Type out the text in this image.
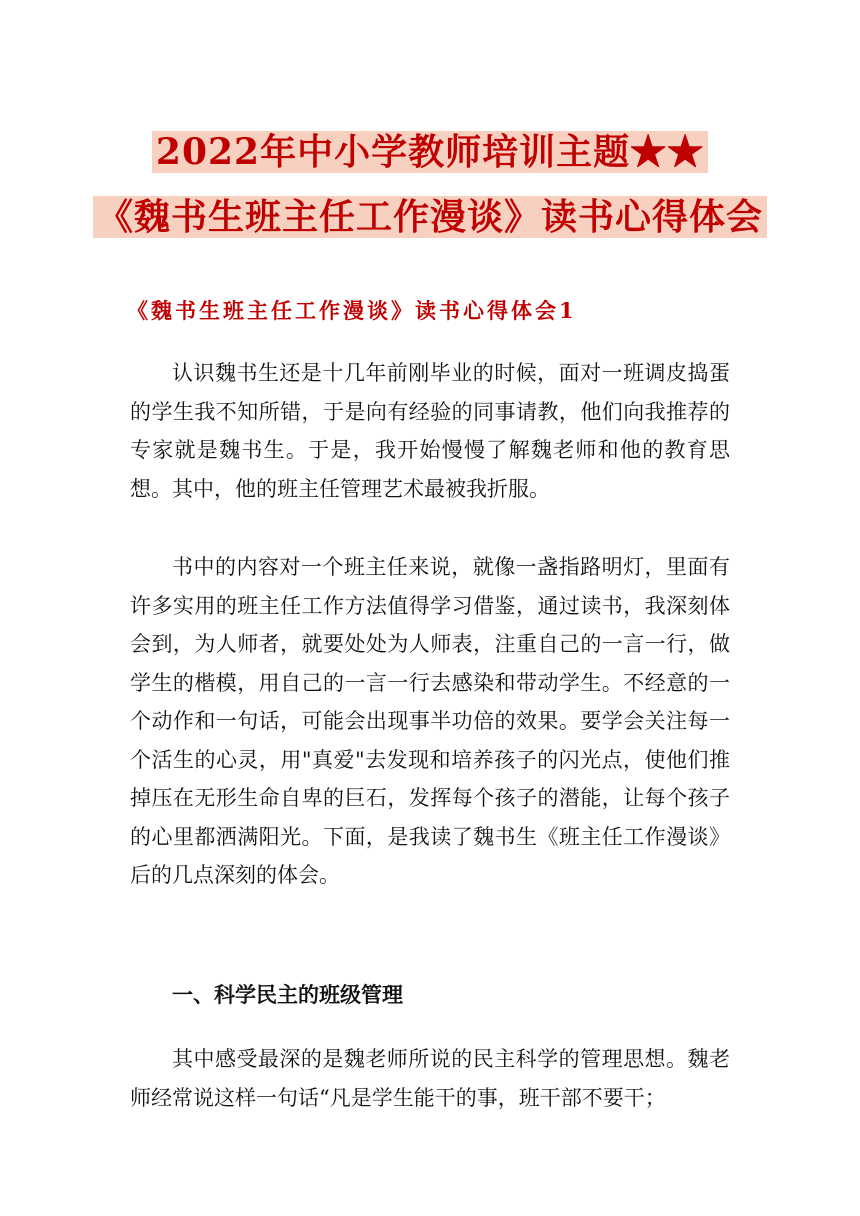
2022年中小学教师培训主题★★
《魏书生班主任工作漫谈》读书心得体会
《魏书生班主任工作漫谈》读书心得体会1

认识魏书生还是十几年前刚毕业的时候，面对一班调皮捣蛋的学生我不知所错，于是向有经验的同事请教，他们向我推荐的专家就是魏书生。于是，我开始慢慢了解魏老师和他的教育思想。其中，他的班主任管理艺术最被我折服。

书中的内容对一个班主任来说，就像一盏指路明灯，里面有许多实用的班主任工作方法值得学习借鉴，通过读书，我深刻体会到，为人师者，就要处处为人师表，注重自己的一言一行，做学生的楷模，用自己的一言一行去感染和带动学生。不经意的一个动作和一句话，可能会出现事半功倍的效果。要学会关注每一个活生的心灵，用"真爱"去发现和培养孩子的闪光点，使他们推掉压在无形生命自卑的巨石，发挥每个孩子的潜能，让每个孩子的心里都洒满阳光。下面，是我读了魏书生《班主任工作漫谈》后的几点深刻的体会。

一、科学民主的班级管理

其中感受最深的是魏老师所说的民主科学的管理思想。魏老师经常说这样一句话“凡是学生能干的事，班干部不要干；
